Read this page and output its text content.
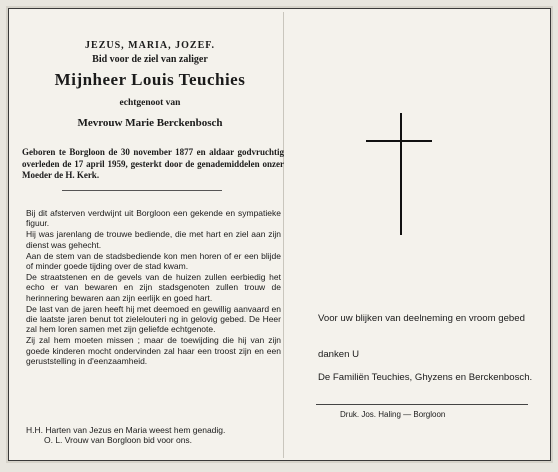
JEZUS, MARIA, JOZEF.
Bid voor de ziel van zaliger
Mijnheer Louis Teuchies
echtgenoot van
Mevrouw Marie Berckenbosch
Geboren te Borgloon de 30 november 1877 en aldaar godvruchtig overleden de 17 april 1959, gesterkt door de genademiddelen onzer Moeder de H. Kerk.

Bij dit afsterven verdwijnt uit Borgloon een gekende en sympatieke figuur.

Hij was jarenlang de trouwe bediende, die met hart en ziel aan zijn dienst was gehecht.

Aan de stem van de stadsbediende kon men horen of er een blijde of minder goede tijding over de stad kwam.

De straatstenen en de gevels van de huizen zullen eerbiedig het echo er van bewaren en zijn stadsgenoten zullen trouw de herinnering bewaren aan zijn eerlijk en goed hart.

De last van de jaren heeft hij met deemoed en gewillig aanvaard en die laatste jaren benut tot zielelouteri ng in gelovig gebed. De Heer zal hem loren samen met zijn geliefde echtgenote.

Zij zal hem moeten missen ; maar de toewijding die hij van zijn goede kinderen mocht ondervinden zal haar een troost zijn en een geruststelling in d'eenzaamheid.

H.H. Harten van Jezus en Maria weest hem genadig.
O. L. Vrouw van Borgloon bid voor ons.
Voor uw blijken van deelneming en vroom gebed
danken U
De Familiën Teuchies, Ghyzens en Berckenbosch.
Druk. Jos. Haling — Borgloon
